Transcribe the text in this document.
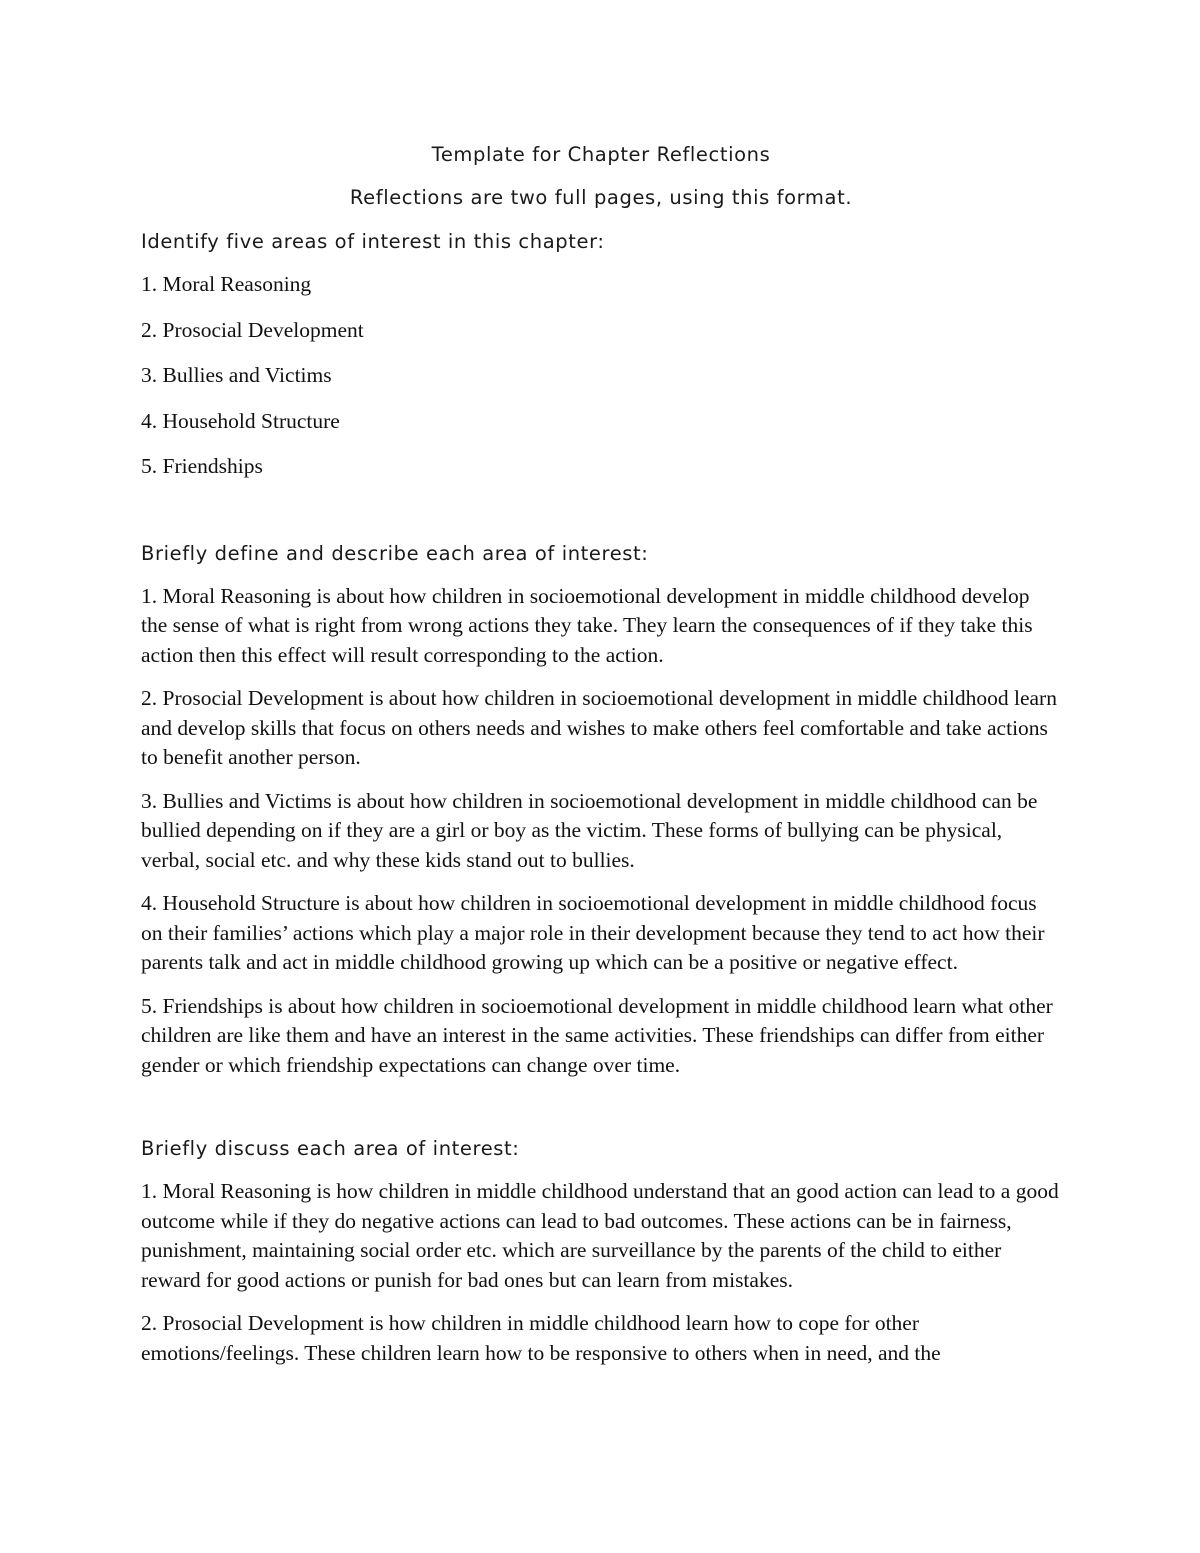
Template for Chapter Reflections
Reflections are two full pages, using this format.
Identify five areas of interest in this chapter:
1. Moral Reasoning
2. Prosocial Development
3. Bullies and Victims
4. Household Structure
5. Friendships
Briefly define and describe each area of interest:

1. Moral Reasoning is about how children in socioemotional development in middle childhood develop the sense of what is right from wrong actions they take. They learn the consequences of if they take this action then this effect will result corresponding to the action.

2. Prosocial Development is about how children in socioemotional development in middle childhood learn and develop skills that focus on others needs and wishes to make others feel comfortable and take actions to benefit another person.

3. Bullies and Victims is about how children in socioemotional development in middle childhood can be bullied depending on if they are a girl or boy as the victim. These forms of bullying can be physical, verbal, social etc. and why these kids stand out to bullies.

4. Household Structure is about how children in socioemotional development in middle childhood focus on their families’ actions which play a major role in their development because they tend to act how their parents talk and act in middle childhood growing up which can be a positive or negative effect.

5. Friendships is about how children in socioemotional development in middle childhood learn what other children are like them and have an interest in the same activities. These friendships can differ from either gender or which friendship expectations can change over time.

Briefly discuss each area of interest:

1. Moral Reasoning is how children in middle childhood understand that an good action can lead to a good outcome while if they do negative actions can lead to bad outcomes. These actions can be in fairness, punishment, maintaining social order etc. which are surveillance by the parents of the child to either reward for good actions or punish for bad ones but can learn from mistakes.

2. Prosocial Development is how children in middle childhood learn how to cope for other emotions/feelings. These children learn how to be responsive to others when in need, and the
